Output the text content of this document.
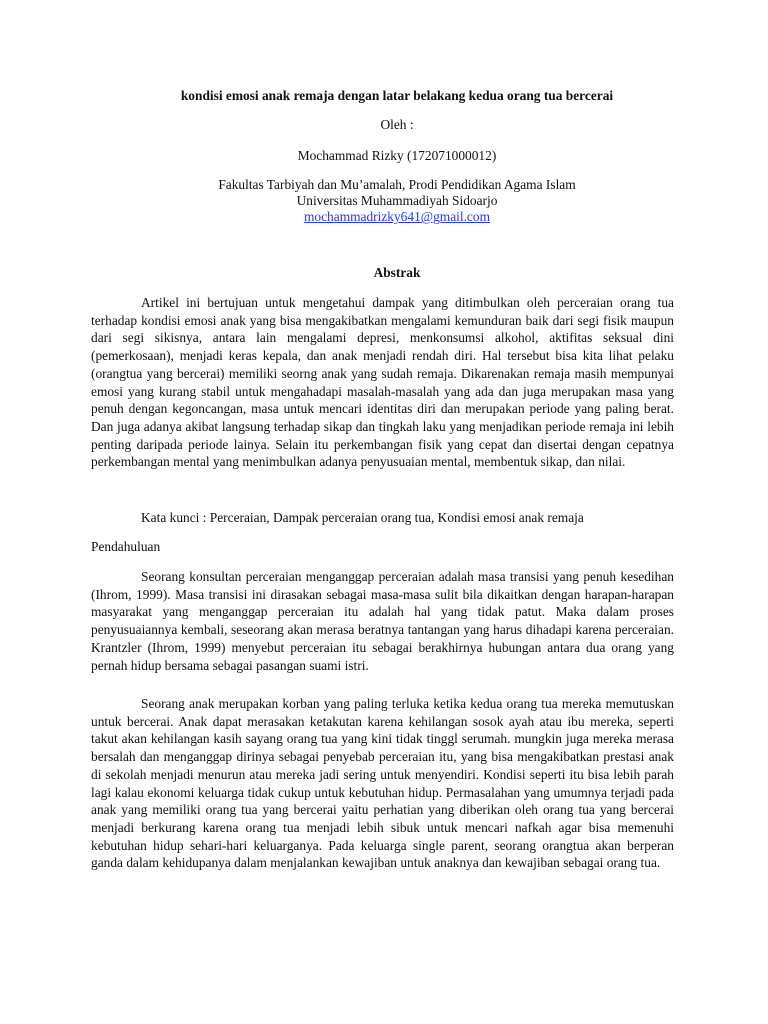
kondisi emosi anak remaja dengan latar belakang kedua orang tua bercerai
Oleh :
Mochammad Rizky (172071000012)
Fakultas Tarbiyah dan Mu’amalah, Prodi Pendidikan Agama Islam
Universitas Muhammadiyah Sidoarjo
mochammadrizky641@gmail.com
Abstrak

Artikel ini bertujuan untuk mengetahui dampak yang ditimbulkan oleh perceraian orang tua terhadap kondisi emosi anak yang bisa mengakibatkan mengalami kemunduran baik dari segi fisik maupun dari segi sikisnya, antara lain mengalami depresi, menkonsumsi alkohol, aktifitas seksual dini (pemerkosaan), menjadi keras kepala, dan anak menjadi rendah diri. Hal tersebut bisa kita lihat pelaku (orangtua yang bercerai) memiliki seorng anak yang sudah remaja. Dikarenakan remaja masih mempunyai emosi yang kurang stabil untuk mengahadapi masalah-masalah yang ada dan juga merupakan masa yang penuh dengan kegoncangan, masa untuk mencari identitas diri dan merupakan periode yang paling berat. Dan juga adanya akibat langsung terhadap sikap dan tingkah laku yang menjadikan periode remaja ini lebih penting daripada periode lainya. Selain itu perkembangan fisik yang cepat dan disertai dengan cepatnya perkembangan mental yang menimbulkan adanya penyusuaian mental, membentuk sikap, dan nilai.

Kata kunci : Perceraian, Dampak perceraian orang tua, Kondisi emosi anak remaja
Pendahuluan

Seorang konsultan perceraian menganggap perceraian adalah masa transisi yang penuh kesedihan (Ihrom, 1999). Masa transisi ini dirasakan sebagai masa-masa sulit bila dikaitkan dengan harapan-harapan masyarakat yang menganggap perceraian itu adalah hal yang tidak patut. Maka dalam proses penyusuaiannya kembali, seseorang akan merasa beratnya tantangan yang harus dihadapi karena perceraian. Krantzler (Ihrom, 1999) menyebut perceraian itu sebagai berakhirnya hubungan antara dua orang yang pernah hidup bersama sebagai pasangan suami istri.

Seorang anak merupakan korban yang paling terluka ketika kedua orang tua mereka memutuskan untuk bercerai. Anak dapat merasakan ketakutan karena kehilangan sosok ayah atau ibu mereka, seperti takut akan kehilangan kasih sayang orang tua yang kini tidak tinggl serumah. mungkin juga mereka merasa bersalah dan menganggap dirinya sebagai penyebab perceraian itu, yang bisa mengakibatkan prestasi anak di sekolah menjadi menurun atau mereka jadi sering untuk menyendiri. Kondisi seperti itu bisa lebih parah lagi kalau ekonomi keluarga tidak cukup untuk kebutuhan hidup. Permasalahan yang umumnya terjadi pada anak yang memiliki orang tua yang bercerai yaitu perhatian yang diberikan oleh orang tua yang bercerai menjadi berkurang karena orang tua menjadi lebih sibuk untuk mencari nafkah agar bisa memenuhi kebutuhan hidup sehari-hari keluarganya. Pada keluarga single parent, seorang orangtua akan berperan ganda dalam kehidupanya dalam menjalankan kewajiban untuk anaknya dan kewajiban sebagai orang tua.
